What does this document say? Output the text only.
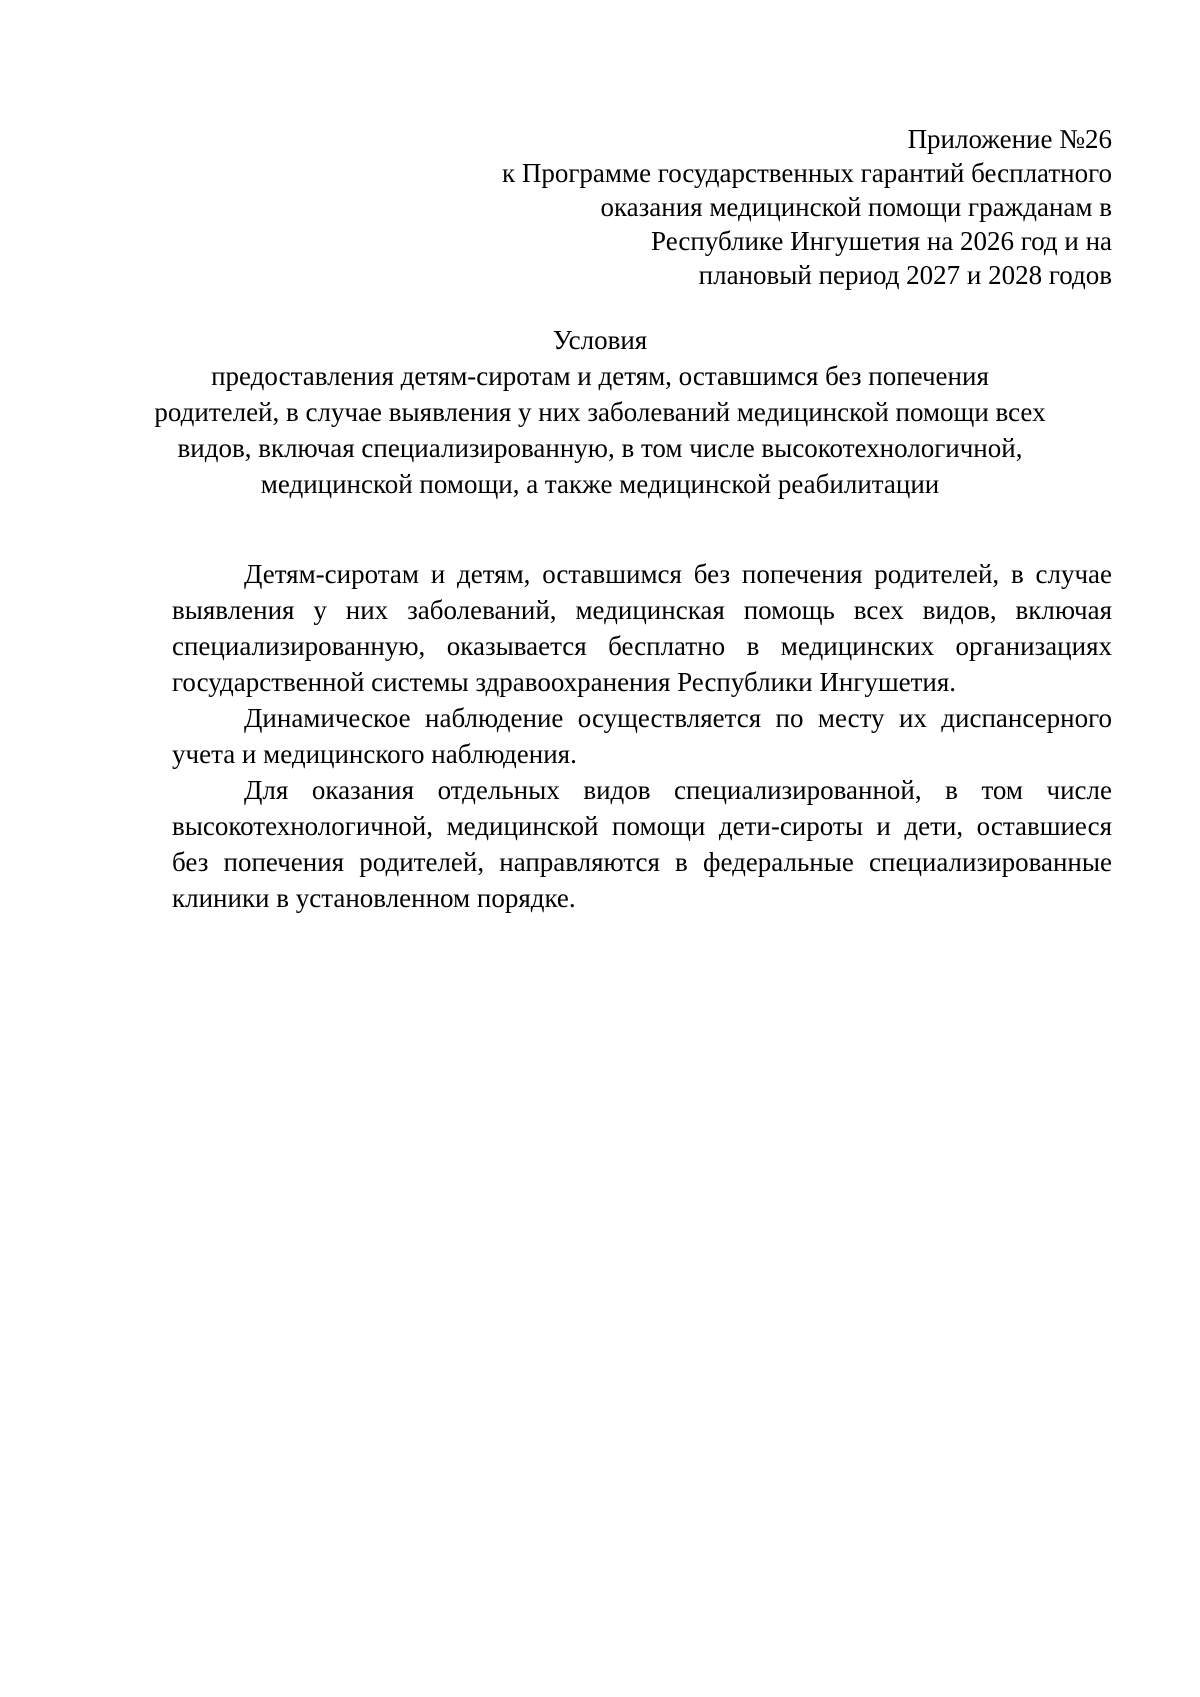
Приложение №26
к Программе государственных гарантий бесплатного
оказания медицинской помощи гражданам в
Республике Ингушетия на 2026 год и на
плановый период 2027 и 2028 годов
Условия
предоставления детям-сиротам и детям, оставшимся без попечения
родителей, в случае выявления у них заболеваний медицинской помощи всех
видов, включая специализированную, в том числе высокотехнологичной,
медицинской помощи, а также медицинской реабилитации

Детям-сиротам и детям, оставшимся без попечения родителей, в случае выявления у них заболеваний, медицинская помощь всех видов, включая специализированную, оказывается бесплатно в медицинских организациях государственной системы здравоохранения Республики Ингушетия.

Динамическое наблюдение осуществляется по месту их диспансерного учета и медицинского наблюдения.

Для оказания отдельных видов специализированной, в том числе высокотехнологичной, медицинской помощи дети-сироты и дети, оставшиеся без попечения родителей, направляются в федеральные специализированные клиники в установленном порядке.
